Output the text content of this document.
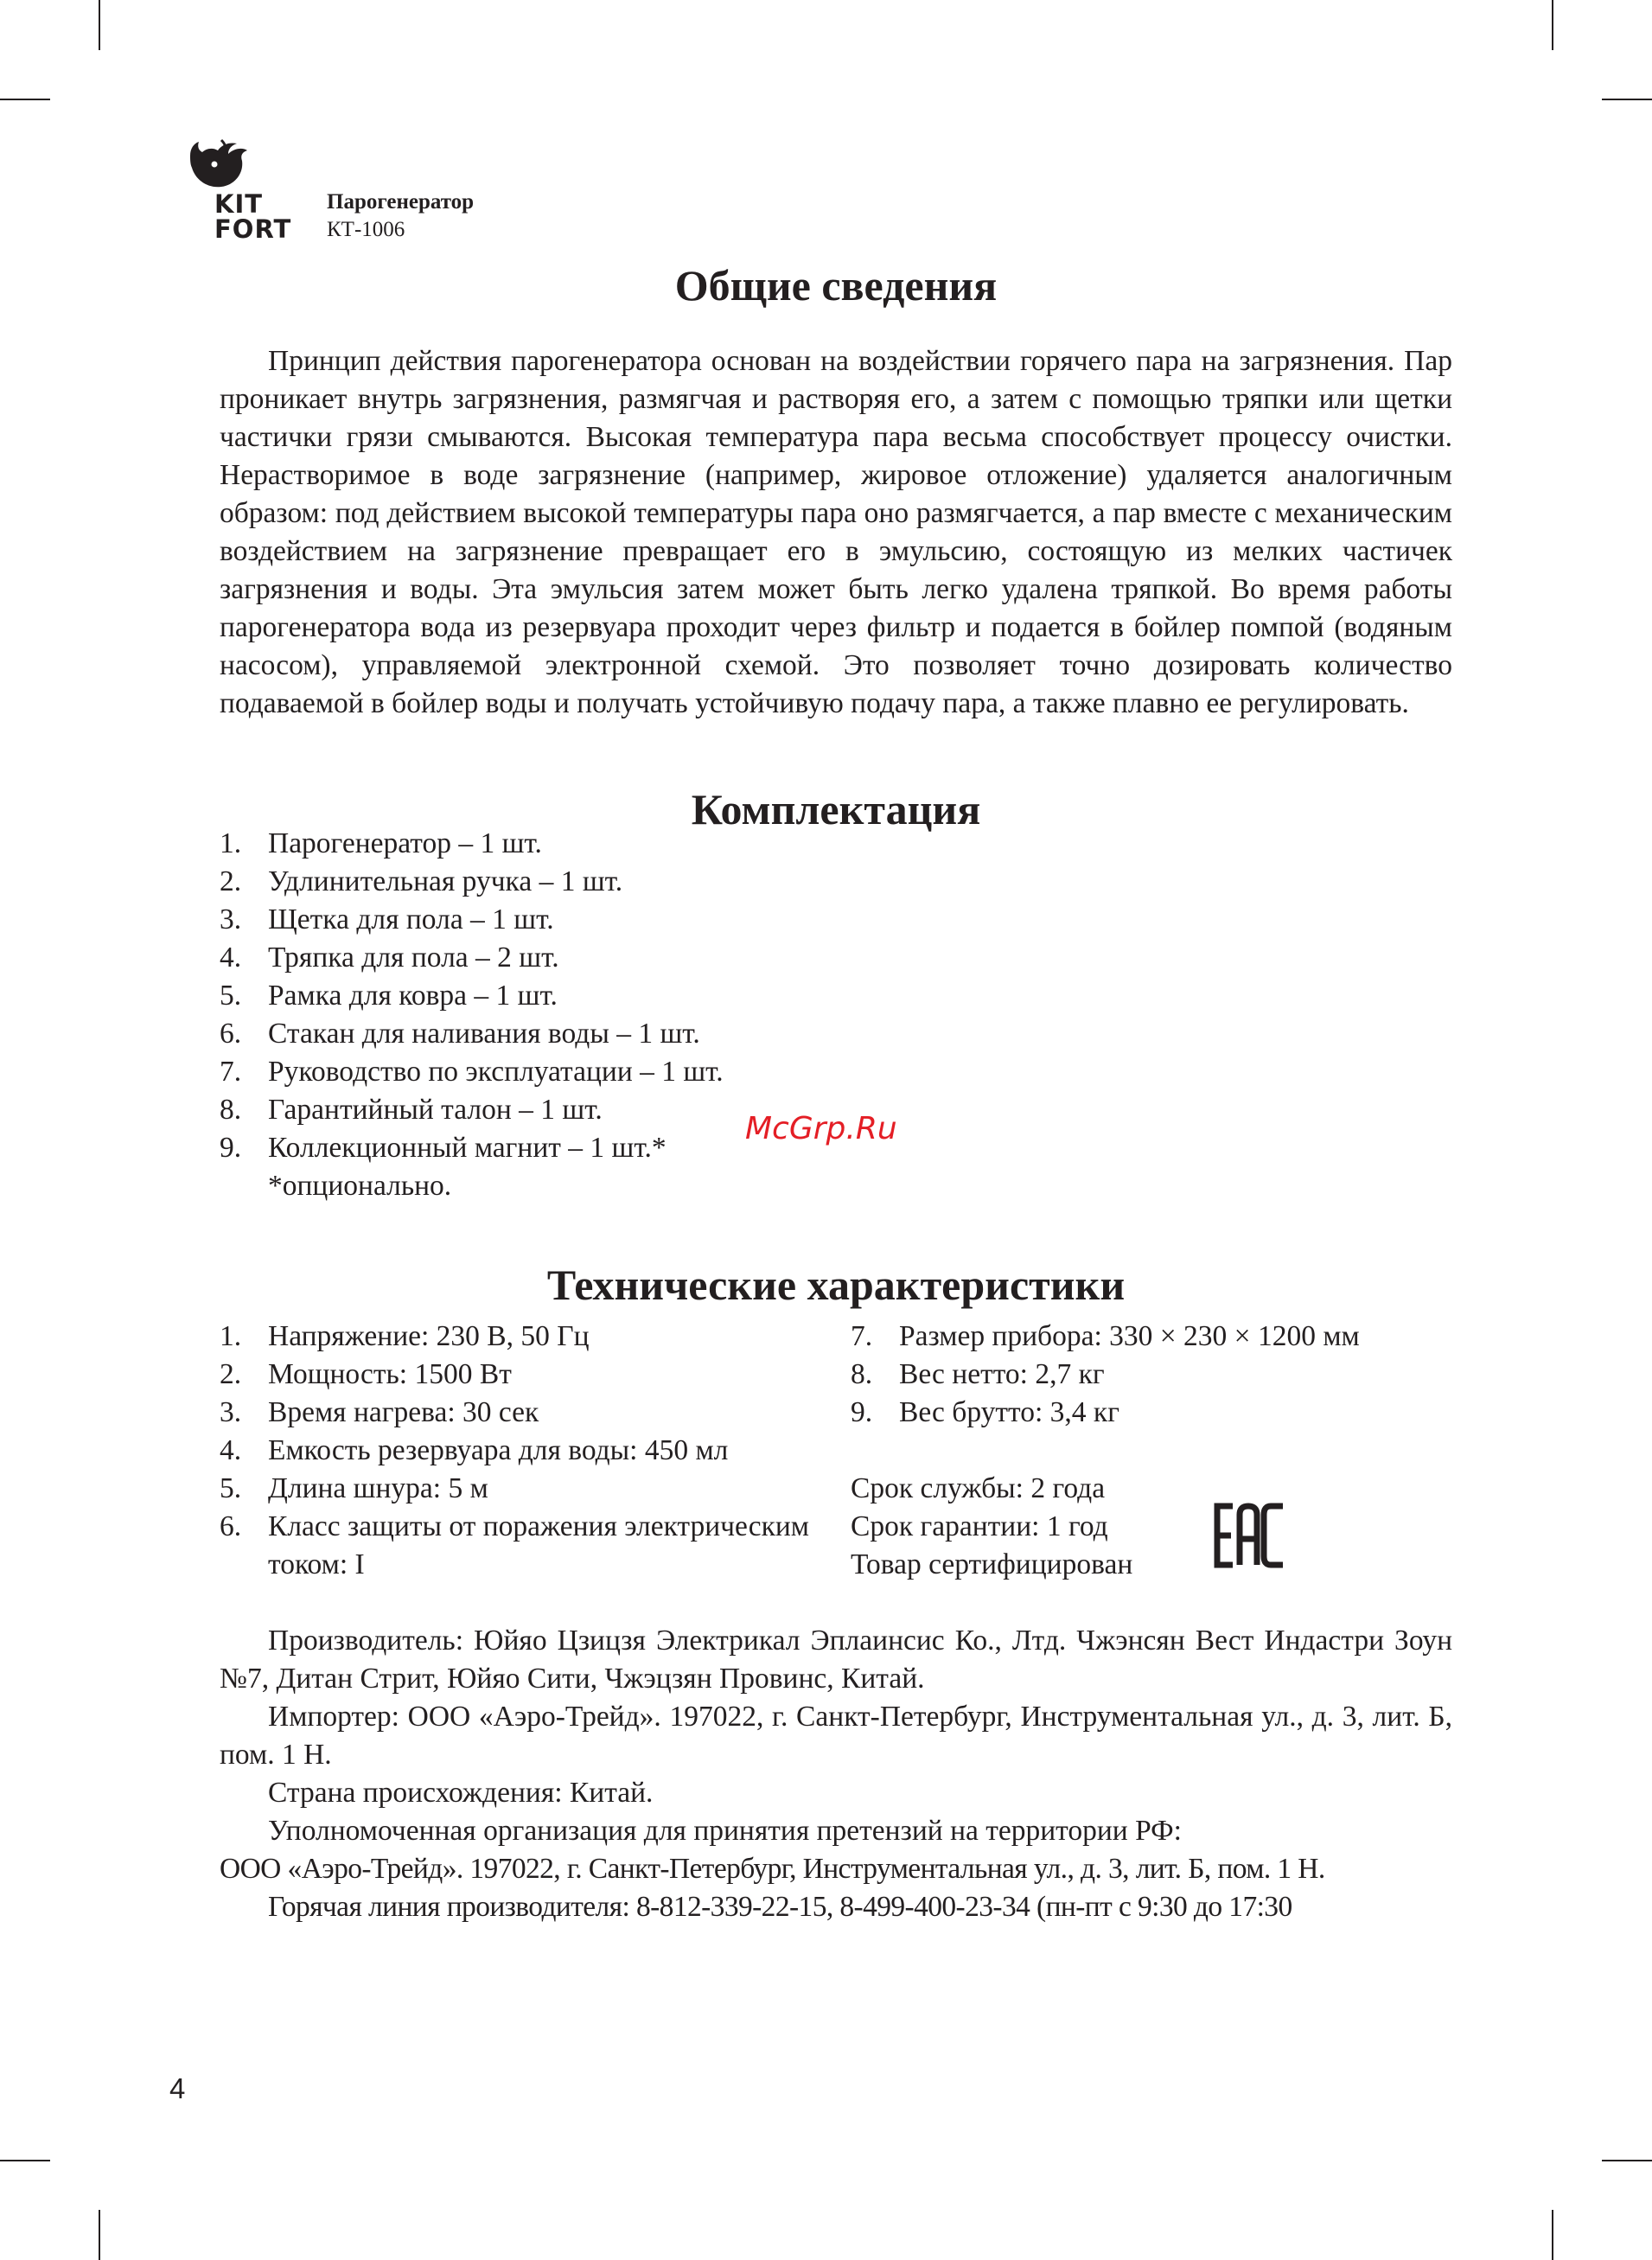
KIT
FORT
Парогенератор
КТ-1006
Общие сведения

Принцип действия парогенератора основан на воздействии горячего пара на загрязнения. Пар проникает внутрь загрязнения, размягчая и растворяя его, а затем с помощью тряпки или щетки частички грязи смываются. Высокая температура пара весьма способствует процессу очистки. Нерастворимое в воде загрязнение (например, жировое отложение) удаляется аналогичным образом: под действием высокой температуры пара оно размягчается, а пар вместе с механическим воздействием на загрязнение превращает его в эмульсию, состоящую из мелких частичек загрязнения и воды. Эта эмульсия затем может быть легко удалена тряпкой. Во время работы парогенератора вода из резервуара проходит через фильтр и подается в бойлер помпой (водяным насосом), управляемой электронной схемой. Это позволяет точно дозировать количество подаваемой в бойлер воды и получать устойчивую подачу пара, а также плавно ее регулировать.

Комплектация
1. Парогенератор – 1 шт.
2. Удлинительная ручка – 1 шт.
3. Щетка для пола – 1 шт.
4. Тряпка для пола – 2 шт.
5. Рамка для ковра – 1 шт.
6. Стакан для наливания воды – 1 шт.
7. Руководство по эксплуатации – 1 шт.
8. Гарантийный талон – 1 шт.
9. Коллекционный магнит – 1 шт.*
*опционально.
Технические характеристики
1. Напряжение: 230 В, 50 Гц
2. Мощность: 1500 Вт
3. Время нагрева: 30 сек
4. Емкость резервуара для воды: 450 мл
5. Длина шнура: 5 м
6. Класс защиты от поражения электрическим током: I
7. Размер прибора: 330 × 230 × 1200 мм
8. Вес нетто: 2,7 кг
9. Вес брутто: 3,4 кг
Срок службы: 2 года
Срок гарантии: 1 год
Товар сертифицирован

Производитель: Юйяо Цзицзя Электрикал Эплаинсис Ко., Лтд. Чжэнсян Вест Индастри Зоун №7, Дитан Стрит, Юйяо Сити, Чжэцзян Провинс, Китай.

Импортер: ООО «Аэро-Трейд». 197022, г. Санкт-Петербург, Инструментальная ул., д. 3, лит. Б, пом. 1 Н.

Страна происхождения: Китай.

Уполномоченная организация для принятия претензий на территории РФ:

ООО «Аэро-Трейд». 197022, г. Санкт-Петербург, Инструментальная ул., д. 3, лит. Б, пом. 1 Н.

Горячая линия производителя: 8-812-339-22-15, 8-499-400-23-34 (пн-пт с 9:30 до 17:30

McGrp.Ru
4
